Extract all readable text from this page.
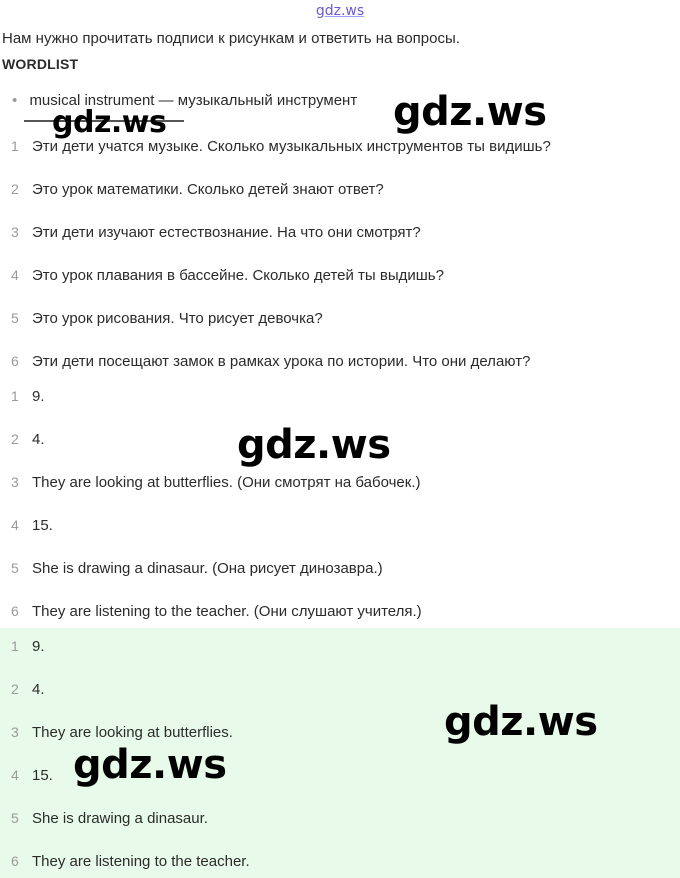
gdz.ws
Нам нужно прочитать подписи к рисункам и ответить на вопросы.
WORDLIST
• musical instrument — музыкальный инструмент
1 Эти дети учатся музыке. Сколько музыкальных инструментов ты видишь?
2 Это урок математики. Сколько детей знают ответ?
3 Эти дети изучают естествознание. На что они смотрят?
4 Это урок плавания в бассейне. Сколько детей ты выдишь?
5 Это урок рисования. Что рисует девочка?
6 Эти дети посещают замок в рамках урока по истории. Что они делают?
1 9.
2 4.
3 They are looking at butterflies. (Они смотрят на бабочек.)
4 15.
5 She is drawing a dinasaur. (Она рисует динозавра.)
6 They are listening to the teacher. (Они слушают учителя.)
1 9.
2 4.
3 They are looking at butterflies.
4 15.
5 She is drawing a dinasaur.
6 They are listening to the teacher.
gdz.ws
gdz.ws
gdz.ws
gdz.ws
gdz.ws
